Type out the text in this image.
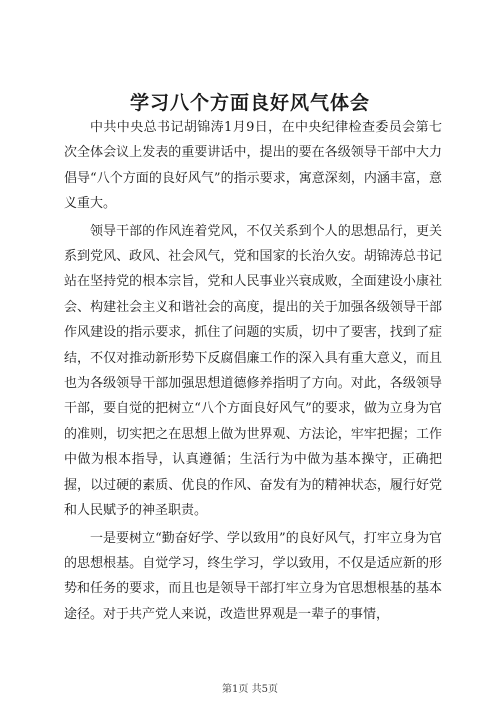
学习八个方面良好风气体会

中共中央总书记胡锦涛1月9日，在中央纪律检查委员会第七次全体会议上发表的重要讲话中，提出的要在各级领导干部中大力倡导“八个方面的良好风气”的指示要求，寓意深刻，内涵丰富，意义重大。

领导干部的作风连着党风，不仅关系到个人的思想品行，更关系到党风、政风、社会风气，党和国家的长治久安。胡锦涛总书记站在坚持党的根本宗旨，党和人民事业兴衰成败，全面建设小康社会、构建社会主义和谐社会的高度，提出的关于加强各级领导干部作风建设的指示要求，抓住了问题的实质，切中了要害，找到了症结，不仅对推动新形势下反腐倡廉工作的深入具有重大意义，而且也为各级领导干部加强思想道德修养指明了方向。对此，各级领导干部，要自觉的把树立“八个方面良好风气”的要求，做为立身为官的准则，切实把之在思想上做为世界观、方法论，牢牢把握；工作中做为根本指导，认真遵循；生活行为中做为基本操守，正确把握，以过硬的素质、优良的作风、奋发有为的精神状态，履行好党和人民赋予的神圣职责。

一是要树立“勤奋好学、学以致用”的良好风气，打牢立身为官的思想根基。自觉学习，终生学习，学以致用，不仅是适应新的形势和任务的要求，而且也是领导干部打牢立身为官思想根基的基本途径。对于共产党人来说，改造世界观是一辈子的事情，

第1页 共5页
